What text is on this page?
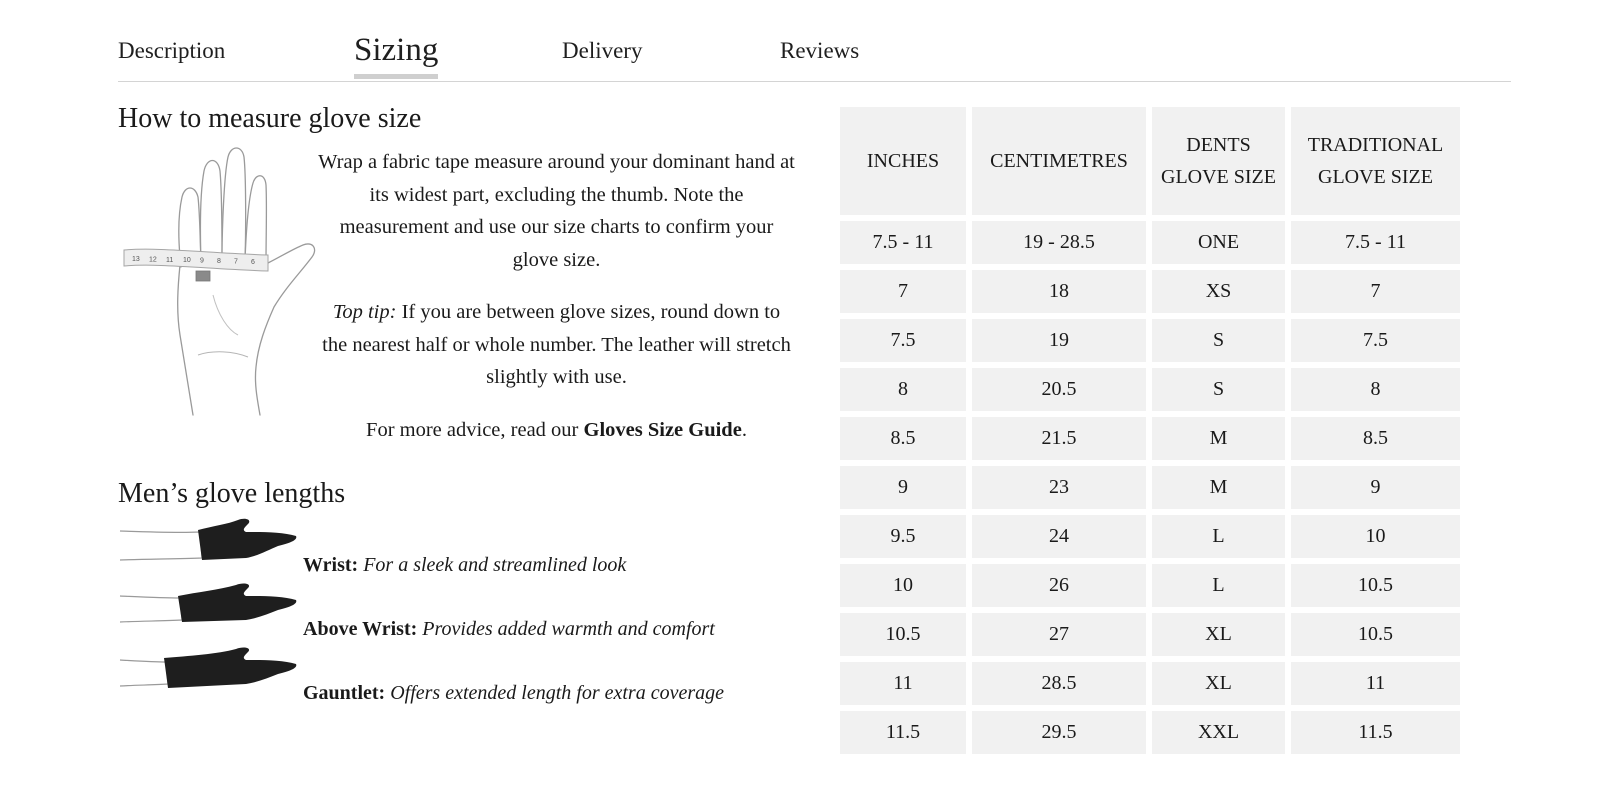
Description	Sizing	Delivery	Reviews
How to measure glove size
13 12 11 10 9 8 7 6

Wrap a fabric tape measure around your dominant hand at its widest part, excluding the thumb. Note the measurement and use our size charts to confirm your glove size.

Top tip: If you are between glove sizes, round down to the nearest half or whole number. The leather will stretch slightly with use.

For more advice, read our Gloves Size Guide.

Men’s glove lengths
Wrist: For a sleek and streamlined look
Above Wrist: Provides added warmth and comfort
Gauntlet: Offers extended length for extra coverage
INCHES	CENTIMETRES	DENTS GLOVE SIZE	TRADITIONAL GLOVE SIZE
7.5 - 11	19 - 28.5	ONE	7.5 - 11
7	18	XS	7
7.5	19	S	7.5
8	20.5	S	8
8.5	21.5	M	8.5
9	23	M	9
9.5	24	L	10
10	26	L	10.5
10.5	27	XL	10.5
11	28.5	XL	11
11.5	29.5	XXL	11.5
